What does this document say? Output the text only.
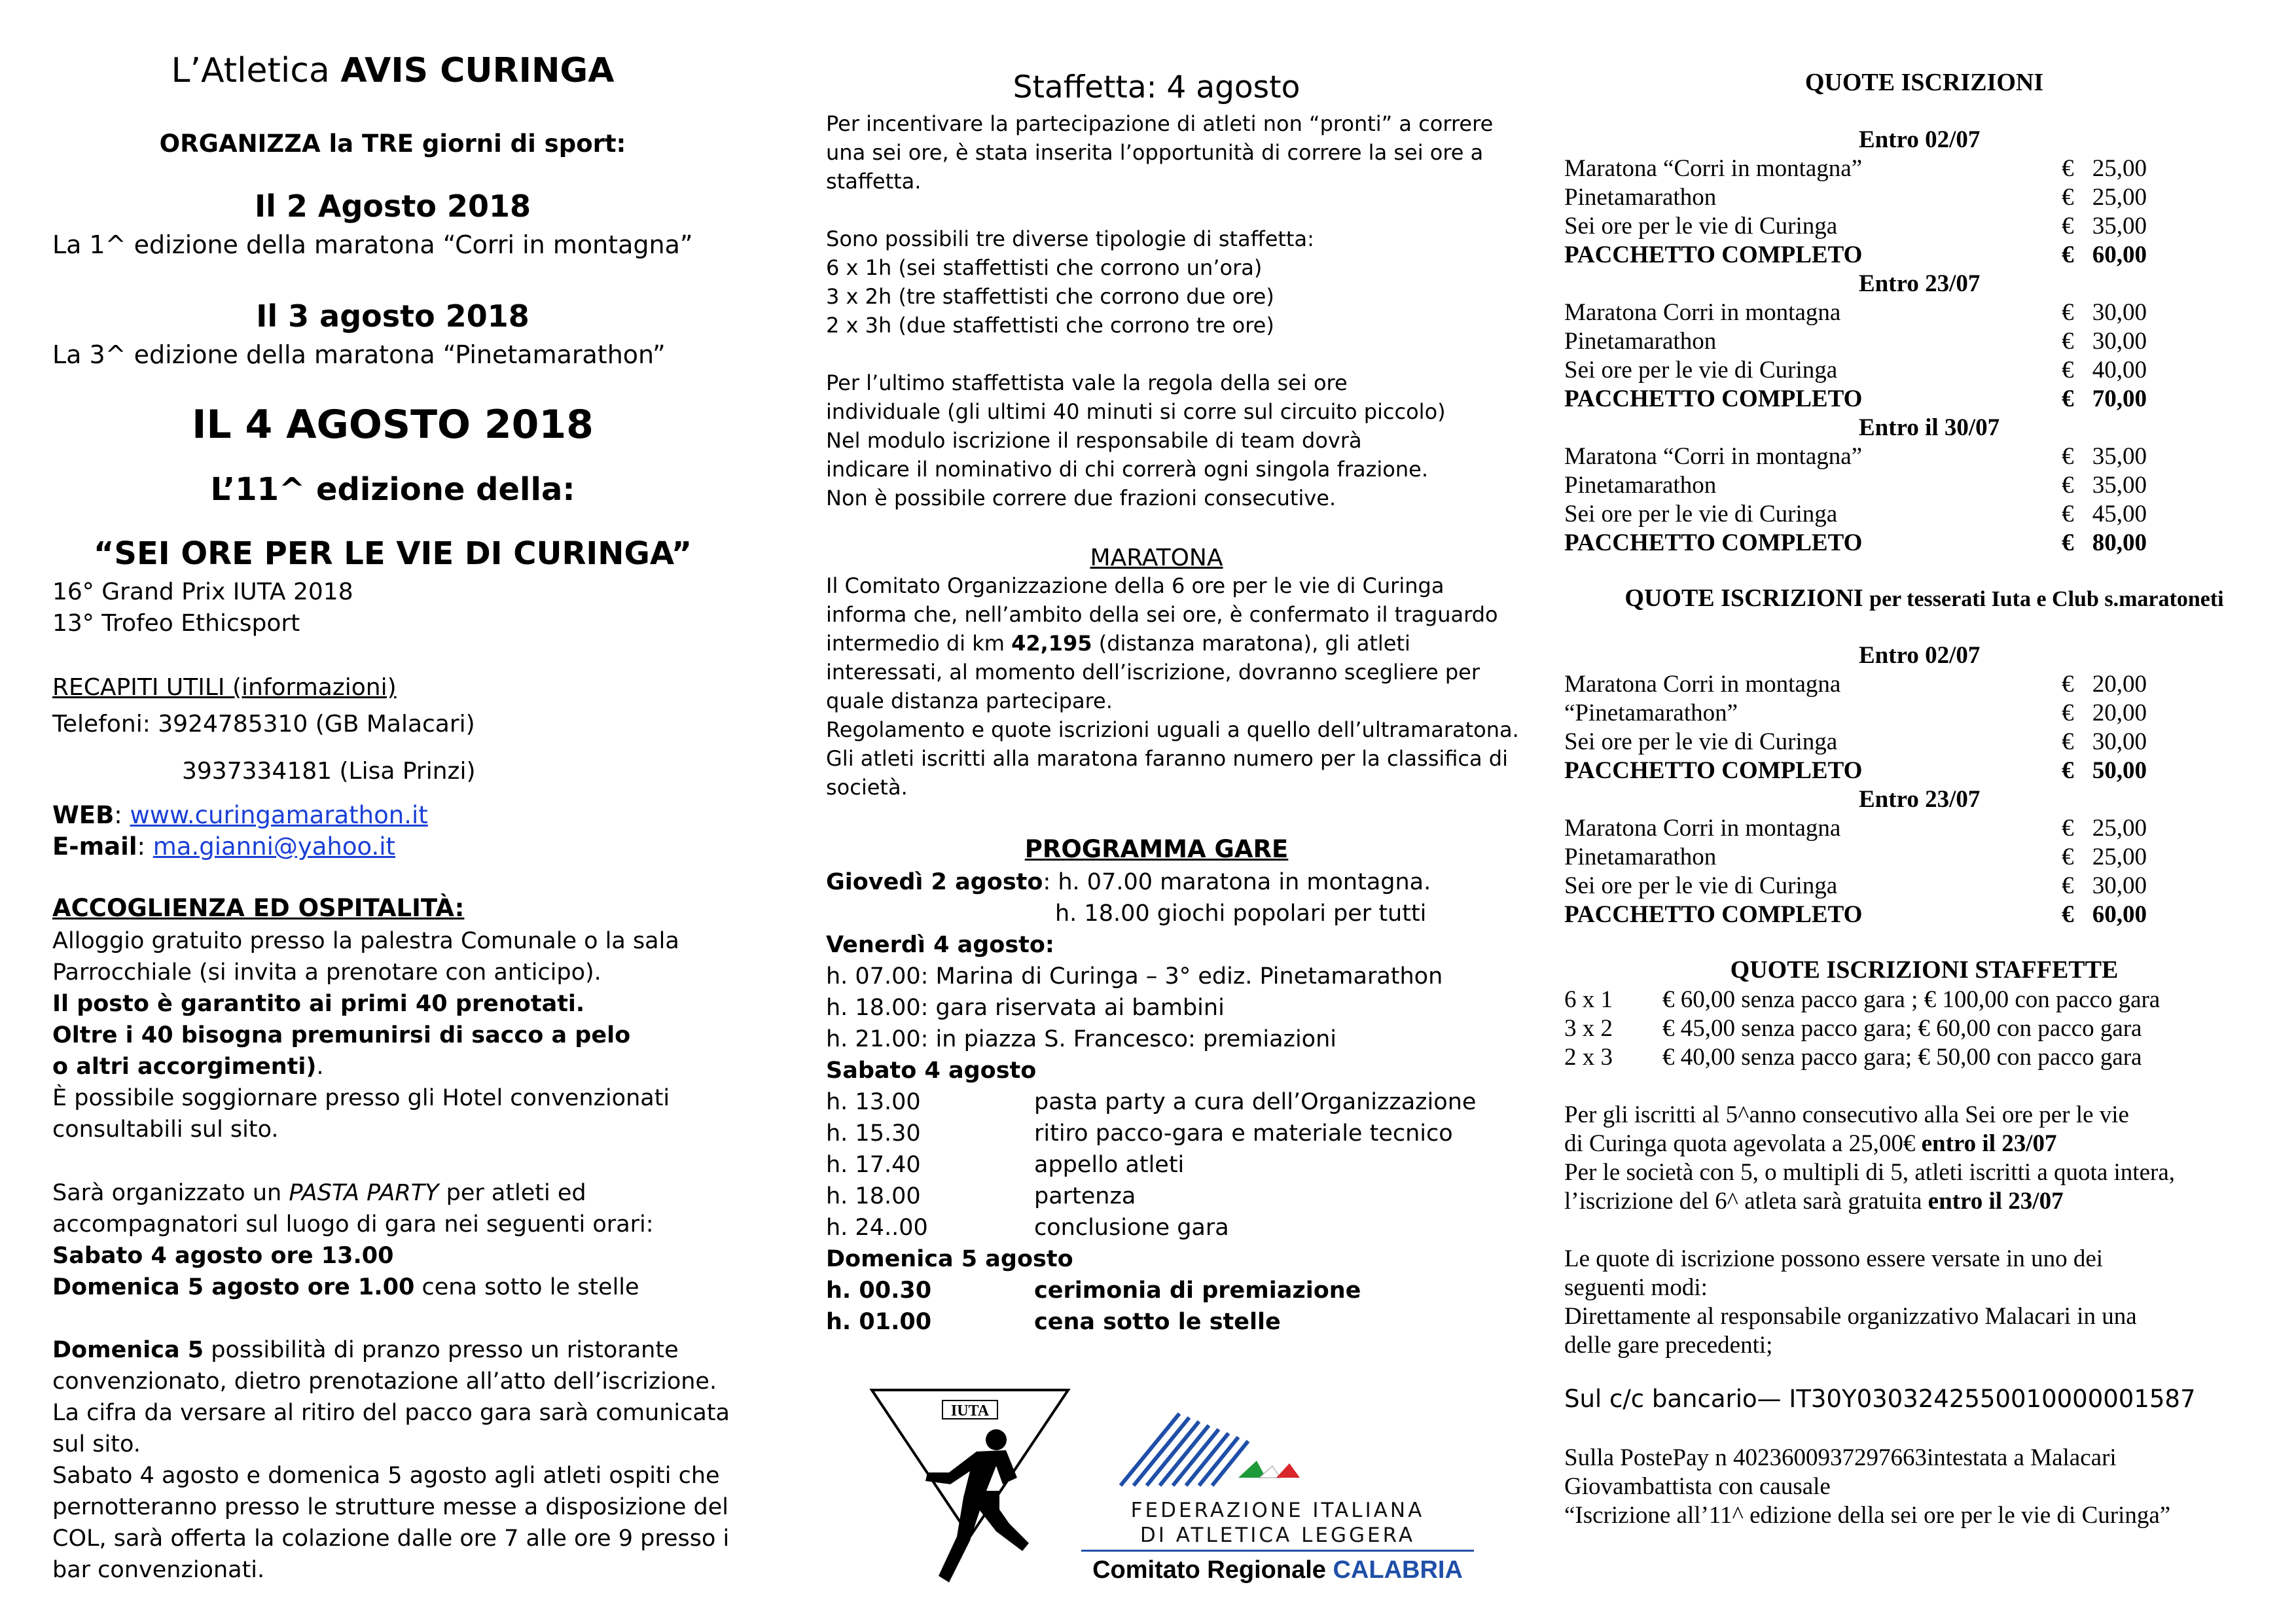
L’Atletica AVIS CURINGA
ORGANIZZA la TRE giorni di sport:
Il 2 Agosto 2018
La 1^ edizione della maratona “Corri in montagna”
Il 3 agosto 2018
La 3^ edizione della maratona “Pinetamarathon”
IL 4 AGOSTO 2018
L’11^ edizione della:
“SEI ORE PER LE VIE DI CURINGA”
16° Grand Prix IUTA 2018
13° Trofeo Ethicsport
RECAPITI UTILI (informazioni)
Telefoni: 3924785310 (GB Malacari)
3937334181 (Lisa Prinzi)
WEB: www.curingamarathon.it
E-mail: ma.gianni@yahoo.it
ACCOGLIENZA ED OSPITALITÀ:
Alloggio gratuito presso la palestra Comunale o la sala
Parrocchiale (si invita a prenotare con anticipo).
Il posto è garantito ai primi 40 prenotati.
Oltre i 40 bisogna premunirsi di sacco a pelo
o altri accorgimenti).
È possibile soggiornare presso gli Hotel convenzionati
consultabili sul sito.
Sarà organizzato un PASTA PARTY per atleti ed
accompagnatori sul luogo di gara nei seguenti orari:
Sabato 4 agosto ore 13.00
Domenica 5 agosto ore 1.00 cena sotto le stelle
Domenica 5 possibilità di pranzo presso un ristorante
convenzionato, dietro prenotazione all’atto dell’iscrizione.
La cifra da versare al ritiro del pacco gara sarà comunicata
sul sito.
Sabato 4 agosto e domenica 5 agosto agli atleti ospiti che
pernotteranno presso le strutture messe a disposizione del
COL, sarà offerta la colazione dalle ore 7 alle ore 9 presso i
bar convenzionati.
Staffetta: 4 agosto
Per incentivare la partecipazione di atleti non “pronti” a correre
una sei ore, è stata inserita l’opportunità di correre la sei ore a
staffetta.
Sono possibili tre diverse tipologie di staffetta:
6 x 1h (sei staffettisti che corrono un’ora)
3 x 2h (tre staffettisti che corrono due ore)
2 x 3h (due staffettisti che corrono tre ore)
Per l’ultimo staffettista vale la regola della sei ore
individuale (gli ultimi 40 minuti si corre sul circuito piccolo)
Nel modulo iscrizione il responsabile di team dovrà
indicare il nominativo di chi correrà ogni singola frazione.
Non è possibile correre due frazioni consecutive.
MARATONA
Il Comitato Organizzazione della 6 ore per le vie di Curinga
informa che, nell’ambito della sei ore, è confermato il traguardo
intermedio di km 42,195 (distanza maratona), gli atleti
interessati, al momento dell’iscrizione, dovranno scegliere per
quale distanza partecipare.
Regolamento e quote iscrizioni uguali a quello dell’ultramaratona.
Gli atleti iscritti alla maratona faranno numero per la classifica di
società.
PROGRAMMA GARE
Giovedì 2 agosto: h. 07.00 maratona in montagna.
h. 18.00 giochi popolari per tutti
Venerdì 4 agosto:
h. 07.00: Marina di Curinga – 3° ediz. Pinetamarathon
h. 18.00: gara riservata ai bambini
h. 21.00: in piazza S. Francesco: premiazioni
Sabato 4 agosto
h. 13.00	pasta party a cura dell’Organizzazione
h. 15.30	ritiro pacco-gara e materiale tecnico
h. 17.40	appello atleti
h. 18.00	partenza
h. 24..00	conclusione gara
Domenica 5 agosto
h. 00.30	cerimonia di premiazione
h. 01.00	cena sotto le stelle
IUTA
FEDERAZIONE ITALIANA
DI ATLETICA LEGGERA
Comitato Regionale CALABRIA
QUOTE ISCRIZIONI
Entro 02/07
Maratona “Corri in montagna”	€ 25,00
Pinetamarathon	€ 25,00
Sei ore per le vie di Curinga	€ 35,00
PACCHETTO COMPLETO	€ 60,00
Entro 23/07
Maratona Corri in montagna	€ 30,00
Pinetamarathon	€ 30,00
Sei ore per le vie di Curinga	€ 40,00
PACCHETTO COMPLETO	€ 70,00
Entro il 30/07
Maratona “Corri in montagna”	€ 35,00
Pinetamarathon	€ 35,00
Sei ore per le vie di Curinga	€ 45,00
PACCHETTO COMPLETO	€ 80,00
QUOTE ISCRIZIONI per tesserati Iuta e Club s.maratoneti
Entro 02/07
Maratona Corri in montagna	€ 20,00
“Pinetamarathon”	€ 20,00
Sei ore per le vie di Curinga	€ 30,00
PACCHETTO COMPLETO	€ 50,00
Entro 23/07
Maratona Corri in montagna	€ 25,00
Pinetamarathon	€ 25,00
Sei ore per le vie di Curinga	€ 30,00
PACCHETTO COMPLETO	€ 60,00
QUOTE ISCRIZIONI STAFFETTE
6 x 1 € 60,00 senza pacco gara ; € 100,00 con pacco gara
3 x 2 € 45,00 senza pacco gara; € 60,00 con pacco gara
2 x 3 € 40,00 senza pacco gara; € 50,00 con pacco gara
Per gli iscritti al 5^anno consecutivo alla Sei ore per le vie
di Curinga quota agevolata a 25,00€ entro il 23/07
Per le società con 5, o multipli di 5, atleti iscritti a quota intera,
l’iscrizione del 6^ atleta sarà gratuita entro il 23/07
Le quote di iscrizione possono essere versate in uno dei
seguenti modi:
Direttamente al responsabile organizzativo Malacari in una
delle gare precedenti;
Sul c/c bancario— IT30Y0303242550010000001587
Sulla PostePay n 4023600937297663intestata a Malacari
Giovambattista con causale
“Iscrizione all’11^ edizione della sei ore per le vie di Curinga”
